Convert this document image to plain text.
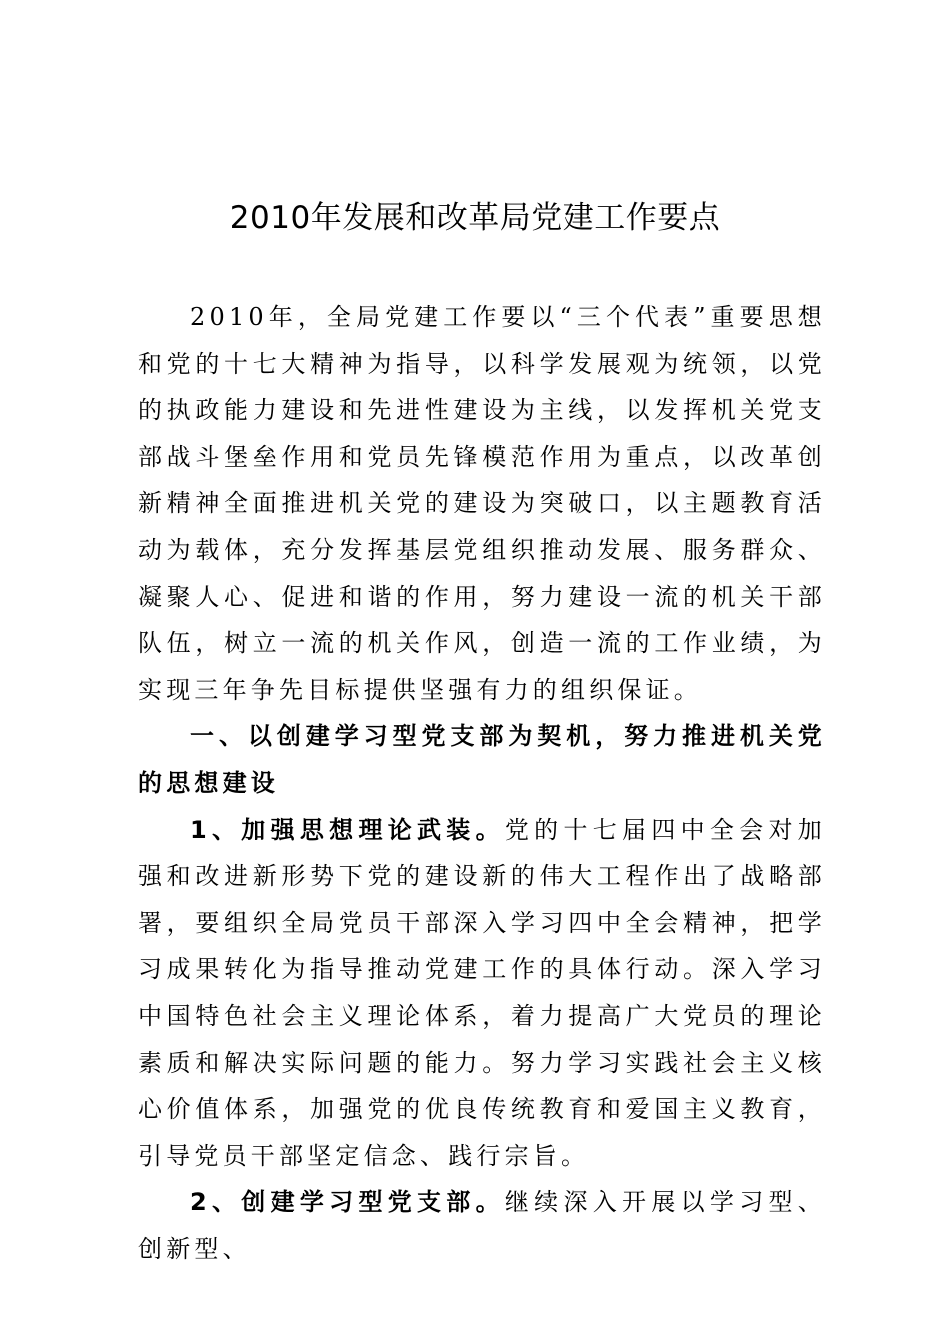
2010年发展和改革局党建工作要点

2010年，全局党建工作要以“三个代表”重要思想和党的十七大精神为指导，以科学发展观为统领，以党的执政能力建设和先进性建设为主线，以发挥机关党支部战斗堡垒作用和党员先锋模范作用为重点，以改革创新精神全面推进机关党的建设为突破口，以主题教育活动为载体，充分发挥基层党组织推动发展、服务群众、凝聚人心、促进和谐的作用，努力建设一流的机关干部队伍，树立一流的机关作风，创造一流的工作业绩，为实现三年争先目标提供坚强有力的组织保证。

一、以创建学习型党支部为契机，努力推进机关党的思想建设

1、加强思想理论武装。党的十七届四中全会对加强和改进新形势下党的建设新的伟大工程作出了战略部署，要组织全局党员干部深入学习四中全会精神，把学习成果转化为指导推动党建工作的具体行动。深入学习中国特色社会主义理论体系，着力提高广大党员的理论素质和解决实际问题的能力。努力学习实践社会主义核心价值体系，加强党的优良传统教育和爱国主义教育，引导党员干部坚定信念、践行宗旨。

2、创建学习型党支部。继续深入开展以学习型、创新型、
